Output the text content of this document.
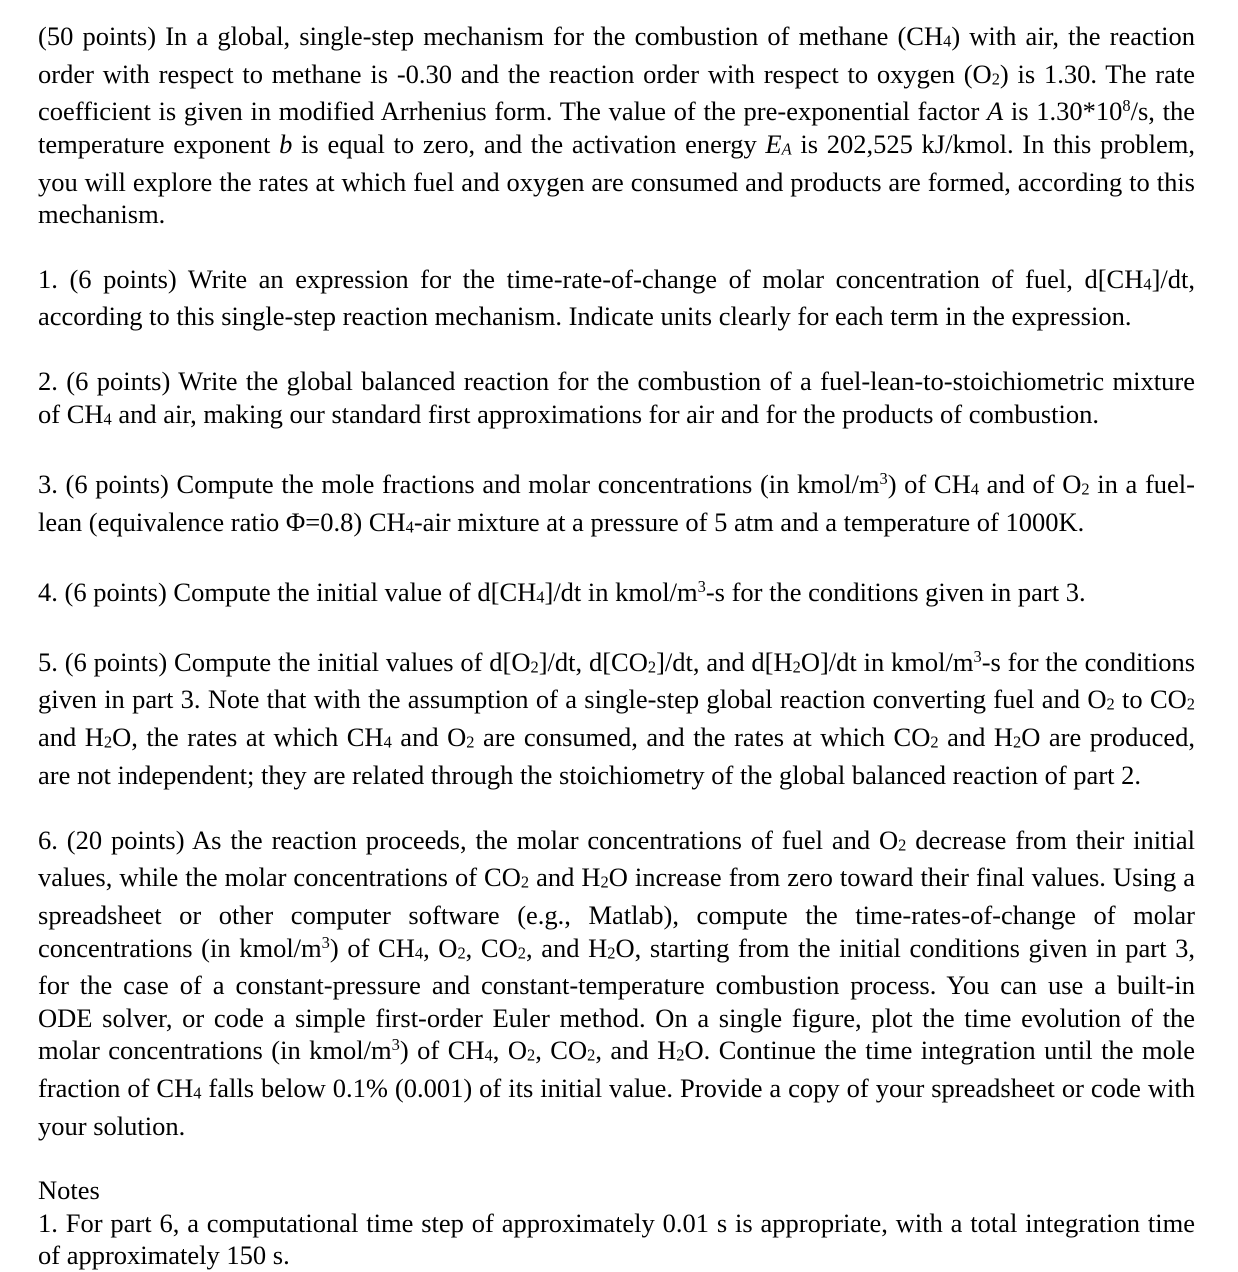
(50 points) In a global, single-step mechanism for the combustion of methane (CH4) with air, the reaction order with respect to methane is -0.30 and the reaction order with respect to oxygen (O2) is 1.30. The rate coefficient is given in modified Arrhenius form. The value of the pre-exponential factor A is $1.30*10^8/s$, the temperature exponent b is equal to zero, and the activation energy EA is 202,525 kJ/kmol. In this problem, you will explore the rates at which fuel and oxygen are consumed and products are formed, according to this mechanism.

1. (6 points) Write an expression for the time-rate-of-change of molar concentration of fuel, d[CH4]/dt, according to this single-step reaction mechanism. Indicate units clearly for each term in the expression.

2. (6 points) Write the global balanced reaction for the combustion of a fuel-lean-to-stoichiometric mixture of CH4 and air, making our standard first approximations for air and for the products of combustion.

3. (6 points) Compute the mole fractions and molar concentrations (in kmol/$m^3$) of CH4 and of O2 in a fuel-lean (equivalence ratio Φ=0.8) CH4-air mixture at a pressure of 5 atm and a temperature of 1000K.

4. (6 points) Compute the initial value of d[CH4]/dt in kmol/$m^3-s$ for the conditions given in part 3.

5. (6 points) Compute the initial values of d[O2]/dt, d[CO2]/dt, and d[H2O]/dt in kmol/$m^3-s$ for the conditions given in part 3. Note that with the assumption of a single-step global reaction converting fuel and O2 to CO2 and H2O, the rates at which CH4 and O2 are consumed, and the rates at which CO2 and H2O are produced, are not independent; they are related through the stoichiometry of the global balanced reaction of part 2.

6. (20 points) As the reaction proceeds, the molar concentrations of fuel and O2 decrease from their initial values, while the molar concentrations of CO2 and H2O increase from zero toward their final values. Using a spreadsheet or other computer software (e.g., Matlab), compute the time-rates-of-change of molar concentrations (in kmol/$m^3$) of CH4, O2, CO2, and H2O, starting from the initial conditions given in part 3, for the case of a constant-pressure and constant-temperature combustion process. You can use a built-in ODE solver, or code a simple first-order Euler method. On a single figure, plot the time evolution of the molar concentrations (in kmol/$m^3$) of CH4, O2, CO2, and H2O. Continue the time integration until the mole fraction of CH4 falls below 0.1% (0.001) of its initial value. Provide a copy of your spreadsheet or code with your solution.

Notes

1. For part 6, a computational time step of approximately 0.01 s is appropriate, with a total integration time of approximately 150 s.
